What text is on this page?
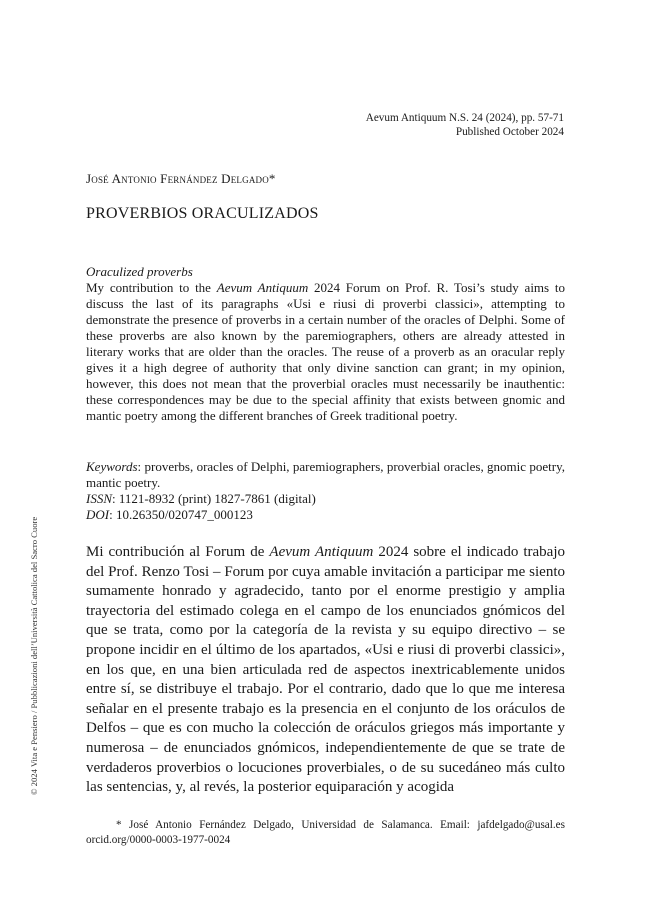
Aevum Antiquum N.S. 24 (2024), pp. 57-71
Published October 2024
José Antonio Fernández Delgado*
PROVERBIOS ORACULIZADOS

Oraculized proverbs

My contribution to the Aevum Antiquum 2024 Forum on Prof. R. Tosi’s study aims to discuss the last of its paragraphs «Usi e riusi di proverbi classici», attempting to demonstrate the presence of proverbs in a certain number of the oracles of Delphi. Some of these proverbs are also known by the paremiographers, others are already attested in literary works that are older than the oracles. The reuse of a proverb as an oracular reply gives it a high degree of authority that only divine sanction can grant; in my opinion, however, this does not mean that the proverbial oracles must necessarily be inauthentic: these correspondences may be due to the special affinity that exists between gnomic and mantic poetry among the different branches of Greek traditional poetry.

Keywords: proverbs, oracles of Delphi, paremiographers, proverbial oracles, gnomic poetry, mantic poetry.

ISSN: 1121-8932 (print) 1827-7861 (digital)

DOI: 10.26350/020747_000123

Mi contribución al Forum de Aevum Antiquum 2024 sobre el indicado trabajo del Prof. Renzo Tosi – Forum por cuya amable invitación a participar me siento sumamente honrado y agradecido, tanto por el enorme prestigio y amplia trayectoria del estimado colega en el campo de los enunciados gnómicos del que se trata, como por la categoría de la revista y su equipo directivo – se propone incidir en el último de los apartados, «Usi e riusi di proverbi classici», en los que, en una bien articulada red de aspectos inextricablemente unidos entre sí, se distribuye el trabajo. Por el contrario, dado que lo que me interesa señalar en el presente trabajo es la presencia en el conjunto de los oráculos de Delfos – que es con mucho la colección de oráculos griegos más importante y numerosa – de enunciados gnómicos, independientemente de que se trate de verdaderos proverbios o locuciones proverbiales, o de su sucedáneo más culto las sentencias, y, al revés, la posterior equiparación y acogida

* José Antonio Fernández Delgado, Universidad de Salamanca. Email: jafdelgado@usal.es orcid.org/0000-0003-1977-0024
© 2024 Vita e Pensiero / Pubblicazioni dell’Università Cattolica del Sacro Cuore
